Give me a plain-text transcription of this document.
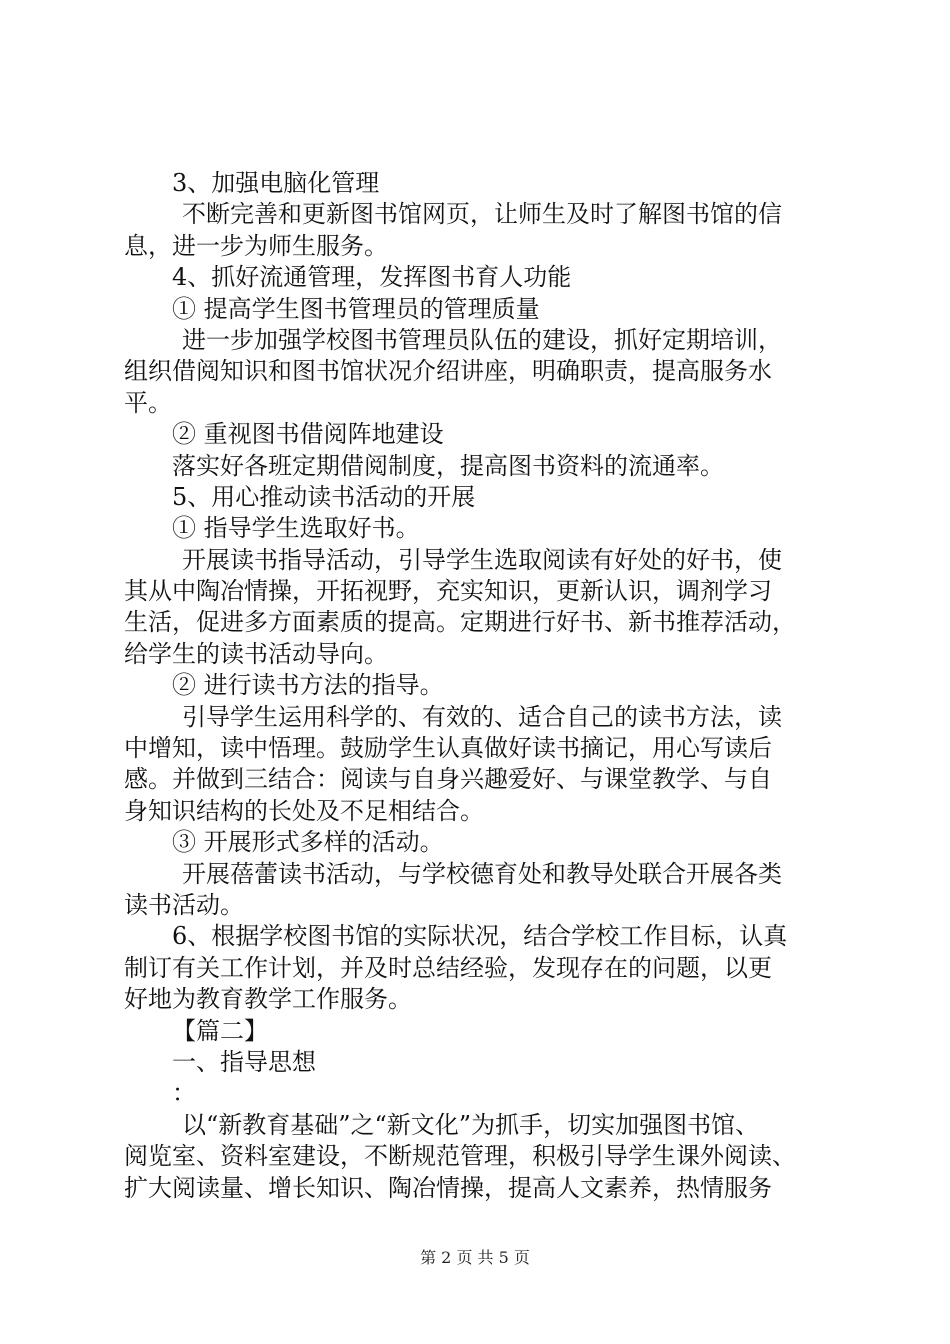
3、加强电脑化管理
不断完善和更新图书馆网页，让师生及时了解图书馆的信
息，进一步为师生服务。
4、抓好流通管理，发挥图书育人功能
① 提高学生图书管理员的管理质量
进一步加强学校图书管理员队伍的建设，抓好定期培训，
组织借阅知识和图书馆状况介绍讲座，明确职责，提高服务水
平。
② 重视图书借阅阵地建设
落实好各班定期借阅制度，提高图书资料的流通率。
5、用心推动读书活动的开展
① 指导学生选取好书。
开展读书指导活动，引导学生选取阅读有好处的好书，使
其从中陶冶情操，开拓视野，充实知识，更新认识，调剂学习
生活，促进多方面素质的提高。定期进行好书、新书推荐活动，
给学生的读书活动导向。
② 进行读书方法的指导。
引导学生运用科学的、有效的、适合自己的读书方法，读
中增知，读中悟理。鼓励学生认真做好读书摘记，用心写读后
感。并做到三结合：阅读与自身兴趣爱好、与课堂教学、与自
身知识结构的长处及不足相结合。
③ 开展形式多样的活动。
开展蓓蕾读书活动，与学校德育处和教导处联合开展各类
读书活动。
6、根据学校图书馆的实际状况，结合学校工作目标，认真
制订有关工作计划，并及时总结经验，发现存在的问题，以更
好地为教育教学工作服务。
【篇二】
一、指导思想
：
以“新教育基础”之“新文化”为抓手，切实加强图书馆、
阅览室、资料室建设，不断规范管理，积极引导学生课外阅读、
扩大阅读量、增长知识、陶冶情操，提高人文素养，热情服务
第 2 页 共 5 页
